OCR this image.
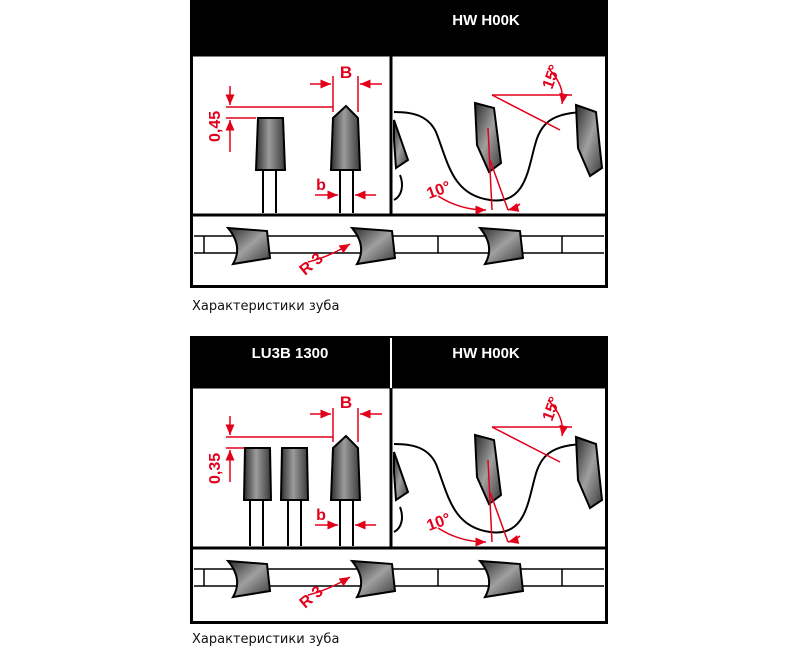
HW H00K
B
0,45
b
15°
10°
R 3
Характеристики зуба
LU3B 1300	HW H00K
B
0,35
b
15°
10°
R 3
Характеристики зуба
